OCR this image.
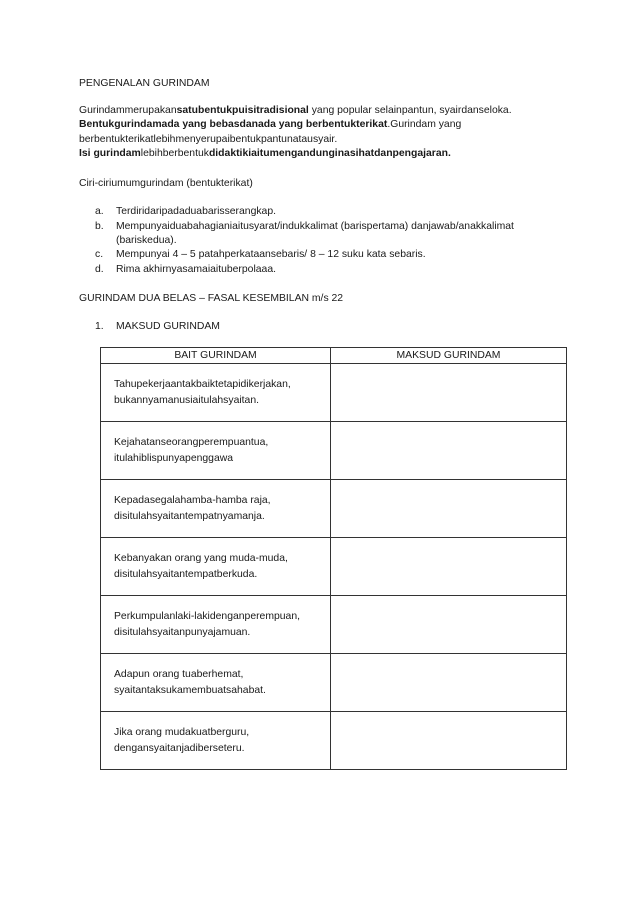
PENGENALAN GURINDAM
Gurindammerupakansatubentukpuisitradisional yang popular selainpantun, syairdanseloka.
Bentukgurindamada yang bebasdanada yang berbentukterikat.Gurindam yang
berbentukterikatlebihmenyerupaibentukpantunatausyair.
Isi gurindamlebihberbentukdidaktikiaitumengandunginasihatdanpengajaran.
Ciri-ciriumumgurindam (bentukterikat)
a. Terdiridaripadaduabarisserangkap.
b. Mempunyaiduabahagianiaitusyarat/indukkalimat (barispertama) danjawab/anakkalimat
(bariskedua).
c. Mempunyai 4 – 5 patahperkataansebaris/ 8 – 12 suku kata sebaris.
d. Rima akhirnyasamaiaituberpolaaa.
GURINDAM DUA BELAS – FASAL KESEMBILAN m/s 22
1. MAKSUD GURINDAM
BAIT GURINDAM	MAKSUD GURINDAM
Tahupekerjaantakbaiktetapidikerjakan,
bukannyamanusiaitulahsyaitan.	
Kejahatanseorangperempuantua,
itulahiblispunyapenggawa	
Kepadasegalahamba-hamba raja,
disitulahsyaitantempatnyamanja.	
Kebanyakan orang yang muda-muda,
disitulahsyaitantempatberkuda.	
Perkumpulanlaki-lakidenganperempuan,
disitulahsyaitanpunyajamuan.	
Adapun orang tuaberhemat,
syaitantaksukamembuatsahabat.	
Jika orang mudakuatberguru,
dengansyaitanjadiberseteru.	
